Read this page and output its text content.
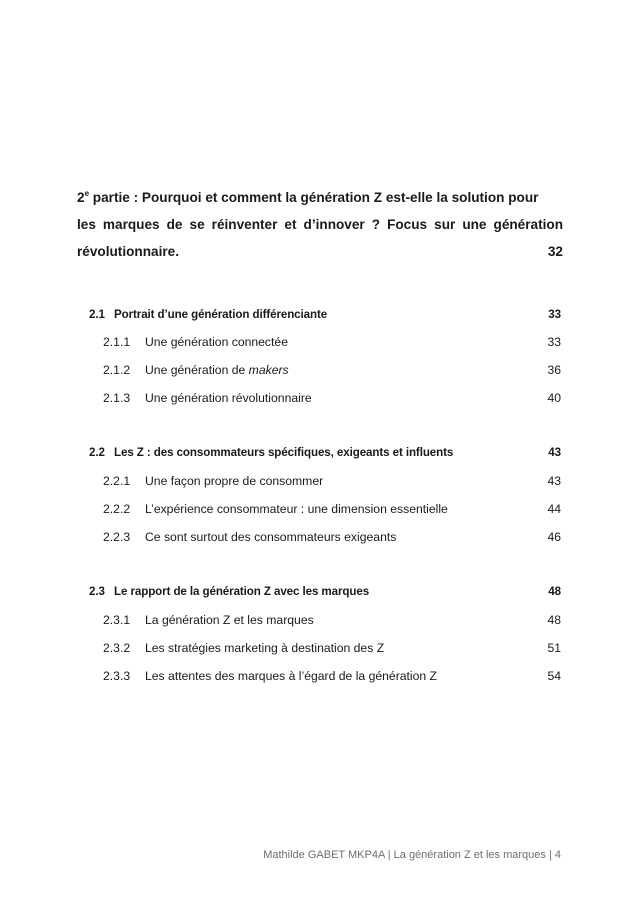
2e partie : Pourquoi et comment la génération Z est-elle la solution pour
les marques de se réinventer et d’innover ? Focus sur une génération
révolutionnaire.	32
2.1 Portrait d’une génération différenciante	33
2.1.1 Une génération connectée	33
2.1.2 Une génération de makers	36
2.1.3 Une génération révolutionnaire	40
2.2 Les Z : des consommateurs spécifiques, exigeants et influents	43
2.2.1 Une façon propre de consommer	43
2.2.2 L’expérience consommateur : une dimension essentielle	44
2.2.3 Ce sont surtout des consommateurs exigeants	46
2.3 Le rapport de la génération Z avec les marques	48
2.3.1 La génération Z et les marques	48
2.3.2 Les stratégies marketing à destination des Z	51
2.3.3 Les attentes des marques à l’égard de la génération Z	54
Mathilde GABET MKP4A | La génération Z et les marques | 4
